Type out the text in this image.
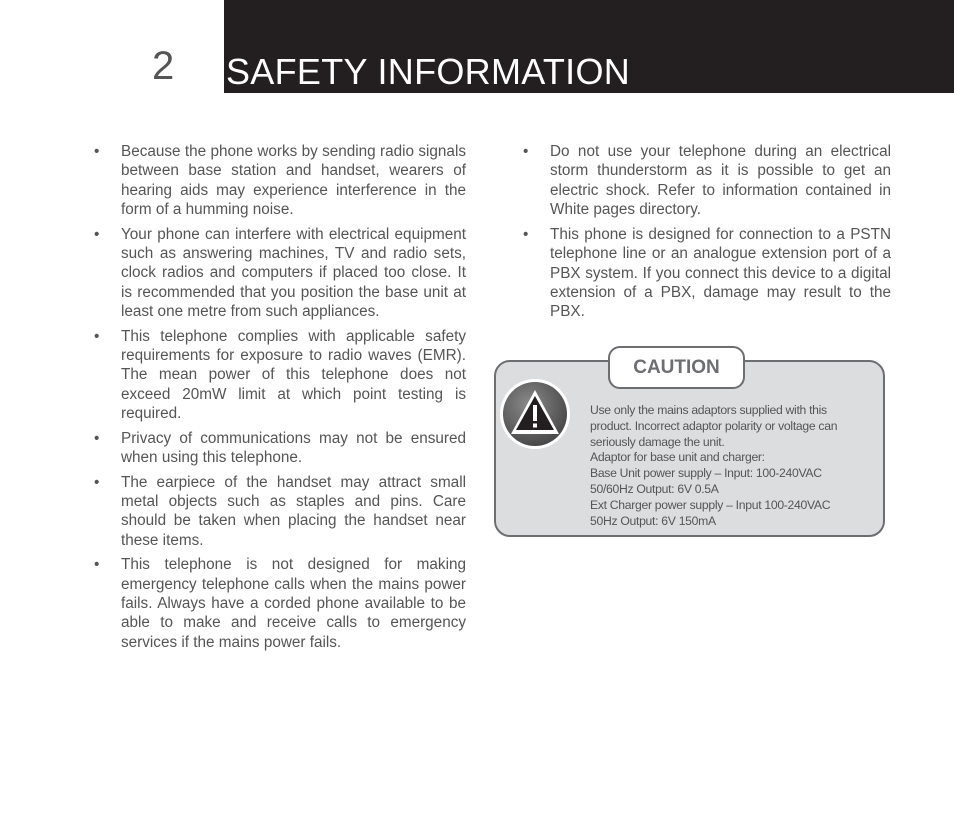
2 SAFETY INFORMATION
• Because the phone works by sending radio signals between base station and handset, wearers of hearing aids may experience interference in the form of a humming noise.
• Your phone can interfere with electrical equipment such as answering machines, TV and radio sets, clock radios and computers if placed too close. It is recommended that you position the base unit at least one metre from such appliances.
• This telephone complies with applicable safety requirements for exposure to radio waves (EMR). The mean power of this telephone does not exceed 20mW limit at which point testing is required.
• Privacy of communications may not be ensured when using this telephone.
• The earpiece of the handset may attract small metal objects such as staples and pins. Care should be taken when placing the handset near these items.
• This telephone is not designed for making emergency telephone calls when the mains power fails. Always have a corded phone available to be able to make and receive calls to emergency services if the mains power fails.
• Do not use your telephone during an electrical storm thunderstorm as it is possible to get an electric shock. Refer to information contained in White pages directory.
• This phone is designed for connection to a PSTN telephone line or an analogue extension port of a PBX system. If you connect this device to a digital extension of a PBX, damage may result to the PBX.
CAUTION
Use only the mains adaptors supplied with this
product. Incorrect adaptor polarity or voltage can
seriously damage the unit.
Adaptor for base unit and charger:
Base Unit power supply – Input: 100-240VAC
50/60Hz Output: 6V 0.5A
Ext Charger power supply – Input 100-240VAC
50Hz Output: 6V 150mA
